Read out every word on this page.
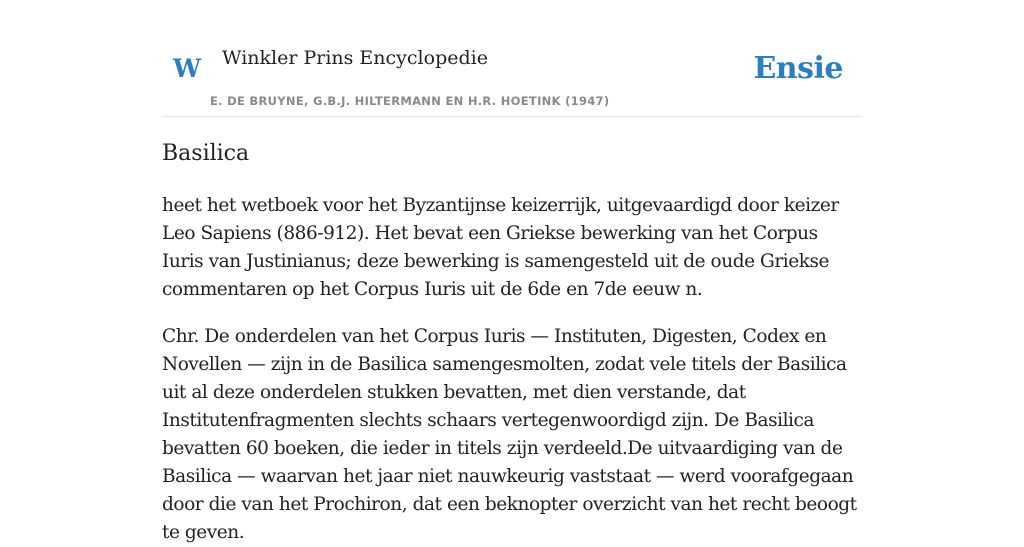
W Winkler Prins Encyclopedie
E. DE BRUYNE, G.B.J. HILTERMANN EN H.R. HOETINK (1947)
Ensie
Basilica

heet het wetboek voor het Byzantijnse keizerrijk, uitgevaardigd door keizer Leo Sapiens (886-912). Het bevat een Griekse bewerking van het Corpus Iuris van Justinianus; deze bewerking is samengesteld uit de oude Griekse commentaren op het Corpus Iuris uit de 6de en 7de eeuw n.

Chr. De onderdelen van het Corpus Iuris — Instituten, Digesten, Codex en Novellen — zijn in de Basilica samengesmolten, zodat vele titels der Basilica uit al deze onderdelen stukken bevatten, met dien verstande, dat Institutenfragmenten slechts schaars vertegenwoordigd zijn. De Basilica bevatten 60 boeken, die ieder in titels zijn verdeeld.De uitvaardiging van de Basilica — waarvan het jaar niet nauwkeurig vaststaat — werd voorafgegaan door die van het Prochiron, dat een beknopter overzicht van het recht beoogt te geven.
